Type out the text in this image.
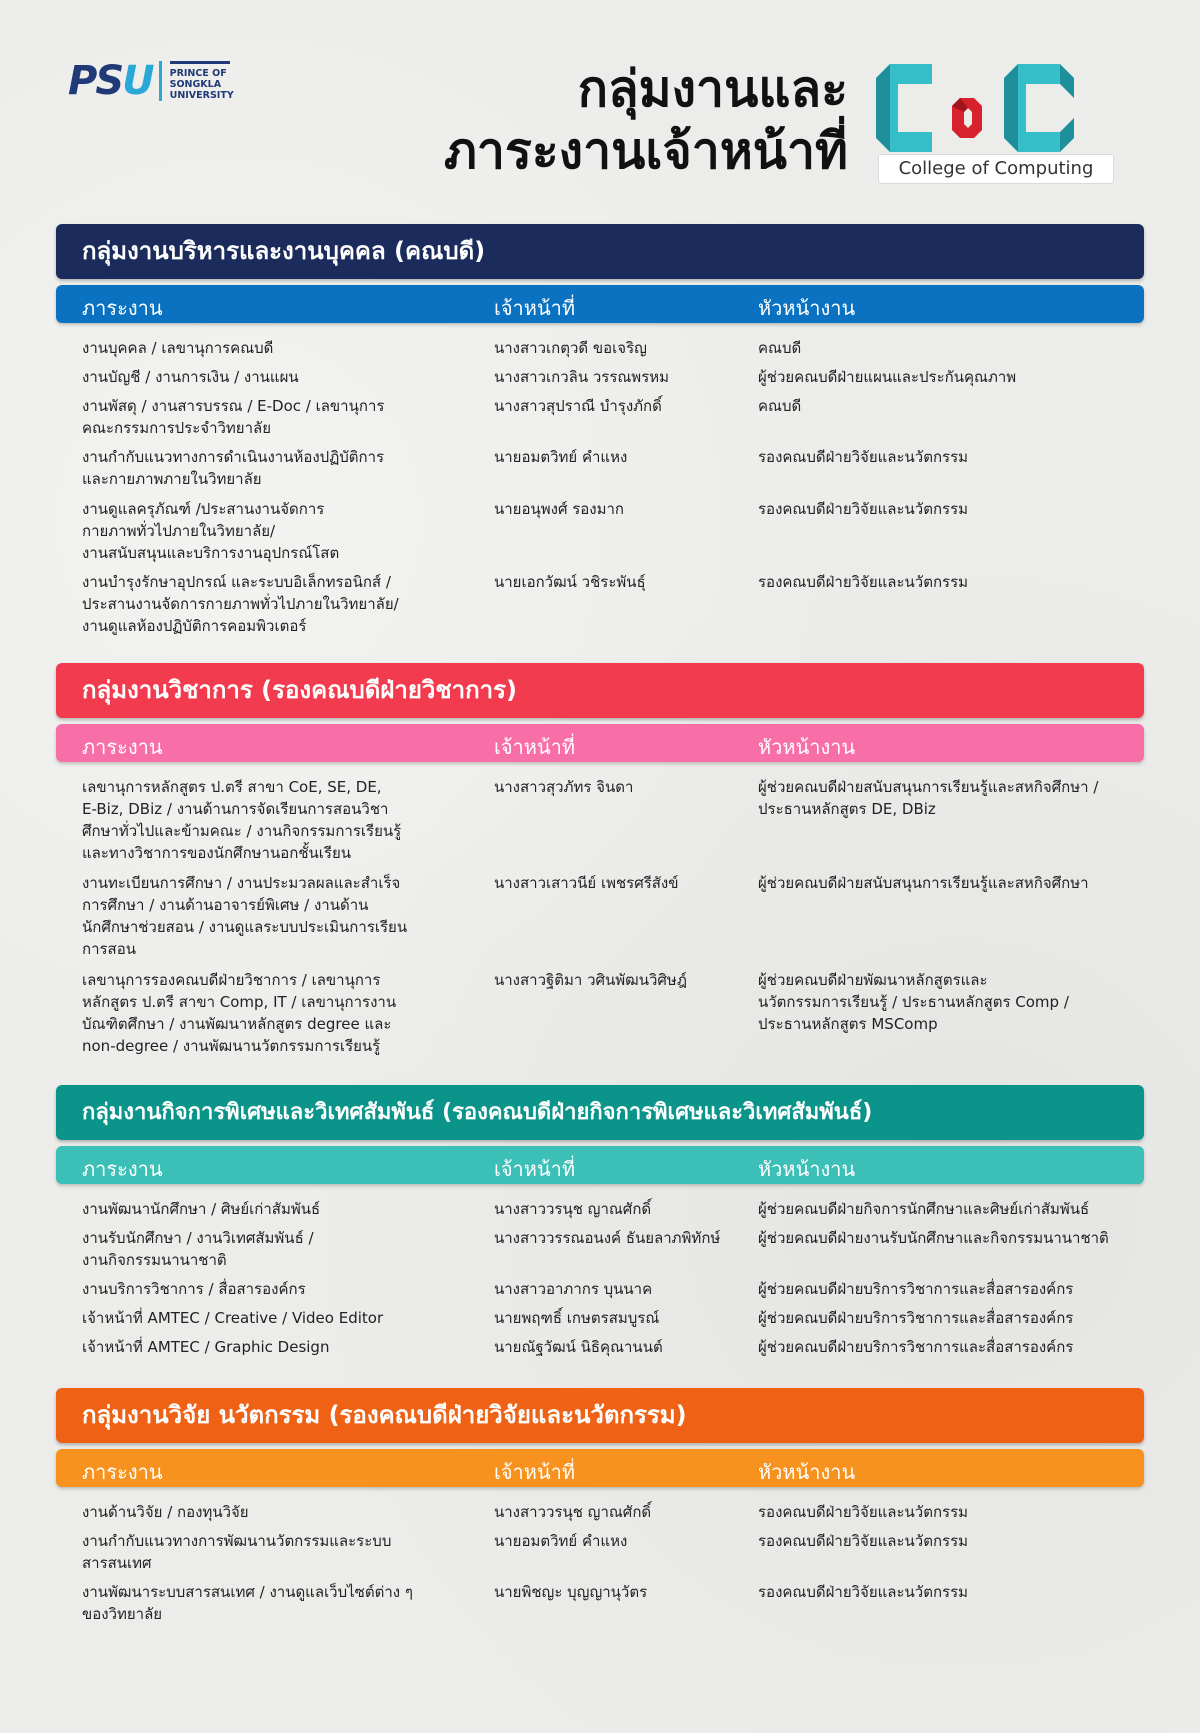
PSU PRINCE OF
SONGKLA
UNIVERSITY	กลุ่มงานและ
ภาระงานเจ้าหน้าที่	College of Computing
กลุ่มงานบริหารและงานบุคคล (คณบดี)
ภาระงาน	เจ้าหน้าที่	หัวหน้างาน
งานบุคคล / เลขานุการคณบดี	นางสาวเกตุวดี ขอเจริญ	คณบดี
งานบัญชี / งานการเงิน / งานแผน	นางสาวเกวลิน วรรณพรหม	ผู้ช่วยคณบดีฝ่ายแผนและประกันคุณภาพ
งานพัสดุ / งานสารบรรณ / E-Doc / เลขานุการ
คณะกรรมการประจำวิทยาลัย
นางสาวสุปราณี บำรุงภักดิ์	คณบดี
งานกำกับแนวทางการดำเนินงานห้องปฏิบัติการ
และกายภาพภายในวิทยาลัย
นายอมตวิทย์ คำแหง	รองคณบดีฝ่ายวิจัยและนวัตกรรม
งานดูแลครุภัณฑ์ /ประสานงานจัดการ
กายภาพทั่วไปภายในวิทยาลัย/
งานสนับสนุนและบริการงานอุปกรณ์โสต
นายอนุพงศ์ รองมาก	รองคณบดีฝ่ายวิจัยและนวัตกรรม
งานบำรุงรักษาอุปกรณ์ และระบบอิเล็กทรอนิกส์ /
ประสานงานจัดการกายภาพทั่วไปภายในวิทยาลัย/
งานดูแลห้องปฏิบัติการคอมพิวเตอร์
นายเอกวัฒน์ วชิระพันธุ์	รองคณบดีฝ่ายวิจัยและนวัตกรรม
กลุ่มงานวิชาการ (รองคณบดีฝ่ายวิชาการ)
ภาระงาน	เจ้าหน้าที่	หัวหน้างาน
เลขานุการหลักสูตร ป.ตรี สาขา CoE, SE, DE,
E-Biz, DBiz / งานด้านการจัดเรียนการสอนวิชา
ศึกษาทั่วไปและข้ามคณะ / งานกิจกรรมการเรียนรู้
และทางวิชาการของนักศึกษานอกชั้นเรียน
นางสาวสุวภัทร จินดา	ผู้ช่วยคณบดีฝ่ายสนับสนุนการเรียนรู้และสหกิจศึกษา /
ประธานหลักสูตร DE, DBiz
งานทะเบียนการศึกษา / งานประมวลผลและสำเร็จ
การศึกษา / งานด้านอาจารย์พิเศษ / งานด้าน
นักศึกษาช่วยสอน / งานดูแลระบบประเมินการเรียน
การสอน
นางสาวเสาวนีย์ เพชรศรีสังข์	ผู้ช่วยคณบดีฝ่ายสนับสนุนการเรียนรู้และสหกิจศึกษา
เลขานุการรองคณบดีฝ่ายวิชาการ / เลขานุการ
หลักสูตร ป.ตรี สาขา Comp, IT / เลขานุการงาน
บัณฑิตศึกษา / งานพัฒนาหลักสูตร degree และ
non-degree / งานพัฒนานวัตกรรมการเรียนรู้
นางสาวฐิติมา วศินพัฒนวิศิษฎ์	ผู้ช่วยคณบดีฝ่ายพัฒนาหลักสูตรและ
นวัตกรรมการเรียนรู้ / ประธานหลักสูตร Comp /
ประธานหลักสูตร MSComp
กลุ่มงานกิจการพิเศษและวิเทศสัมพันธ์ (รองคณบดีฝ่ายกิจการพิเศษและวิเทศสัมพันธ์)
ภาระงาน	เจ้าหน้าที่	หัวหน้างาน
งานพัฒนานักศึกษา / ศิษย์เก่าสัมพันธ์	นางสาววรนุช ญาณศักดิ์	ผู้ช่วยคณบดีฝ่ายกิจการนักศึกษาและศิษย์เก่าสัมพันธ์
งานรับนักศึกษา / งานวิเทศสัมพันธ์ /
งานกิจกรรมนานาชาติ
นางสาววรรณอนงค์ ธันยลาภพิทักษ์	ผู้ช่วยคณบดีฝ่ายงานรับนักศึกษาและกิจกรรมนานาชาติ
งานบริการวิชาการ / สื่อสารองค์กร	นางสาวอาภากร บุนนาค	ผู้ช่วยคณบดีฝ่ายบริการวิชาการและสื่อสารองค์กร
เจ้าหน้าที่ AMTEC / Creative / Video Editor	นายพฤฑธิ์ เกษตรสมบูรณ์	ผู้ช่วยคณบดีฝ่ายบริการวิชาการและสื่อสารองค์กร
เจ้าหน้าที่ AMTEC / Graphic Design	นายณัฐวัฒน์ นิธิคุณานนต์	ผู้ช่วยคณบดีฝ่ายบริการวิชาการและสื่อสารองค์กร
กลุ่มงานวิจัย นวัตกรรม (รองคณบดีฝ่ายวิจัยและนวัตกรรม)
ภาระงาน	เจ้าหน้าที่	หัวหน้างาน
งานด้านวิจัย / กองทุนวิจัย	นางสาววรนุช ญาณศักดิ์	รองคณบดีฝ่ายวิจัยและนวัตกรรม
งานกำกับแนวทางการพัฒนานวัตกรรมและระบบ
สารสนเทศ
นายอมตวิทย์ คำแหง	รองคณบดีฝ่ายวิจัยและนวัตกรรม
งานพัฒนาระบบสารสนเทศ / งานดูแลเว็บไซต์ต่าง ๆ
ของวิทยาลัย
นายพิชญะ บุญญานุวัตร	รองคณบดีฝ่ายวิจัยและนวัตกรรม
